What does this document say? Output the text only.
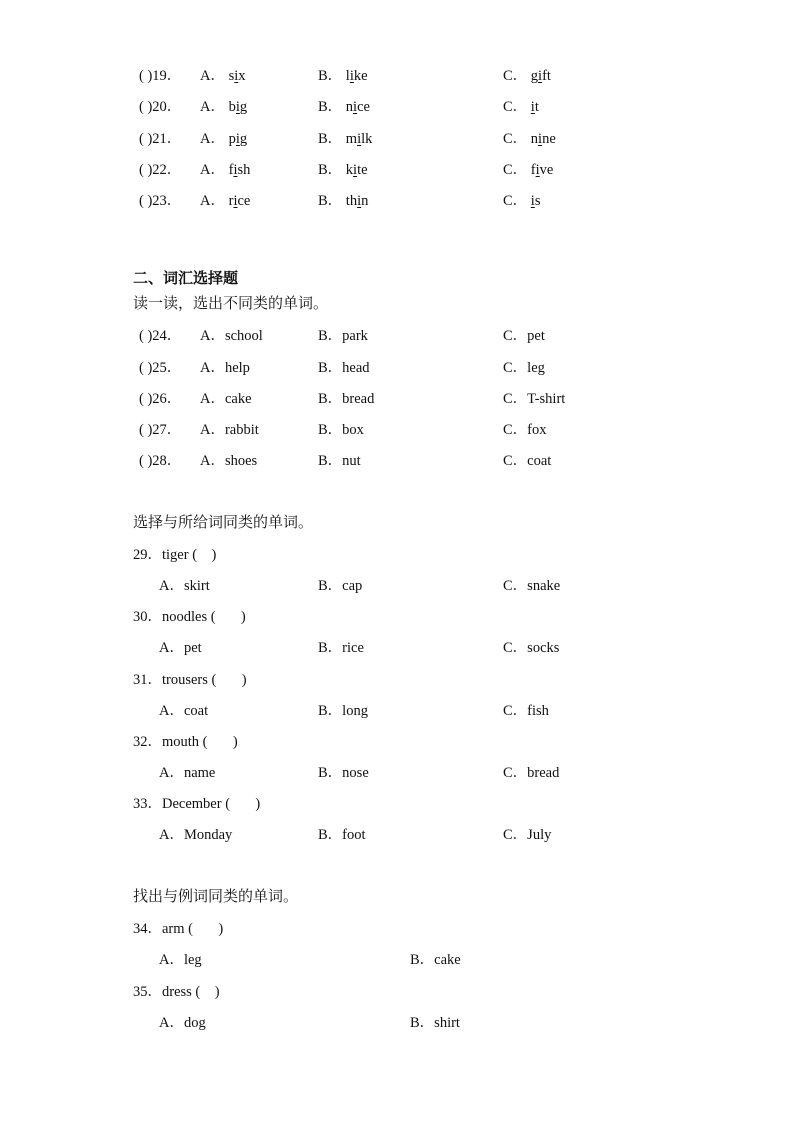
( )19． A． six	B． like	C． gift
( )20． A． big	B． nice	C． it
( )21． A． pig	B． milk	C． nine
( )22． A． fish	B． kite	C． five
( )23． A． rice	B． thin	C． is
二、词汇选择题
读一读，选出不同类的单词。
( )24． A．school	B．park	C．pet
( )25． A．help	B．head	C．leg
( )26． A．cake	B．bread	C．T-shirt
( )27． A．rabbit	B．box	C．fox
( )28． A．shoes	B．nut	C．coat
选择与所给词同类的单词。
29．tiger (    )
A．skirt	B．cap	C．snake
30．noodles (       )
A．pet	B．rice	C．socks
31．trousers (       )
A．coat	B．long	C．fish
32．mouth (       )
A．name	B．nose	C．bread
33．December (       )
A．Monday	B．foot	C．July
找出与例词同类的单词。
34．arm (       )
A．leg	B．cake
35．dress (    )
A．dog	B．shirt
